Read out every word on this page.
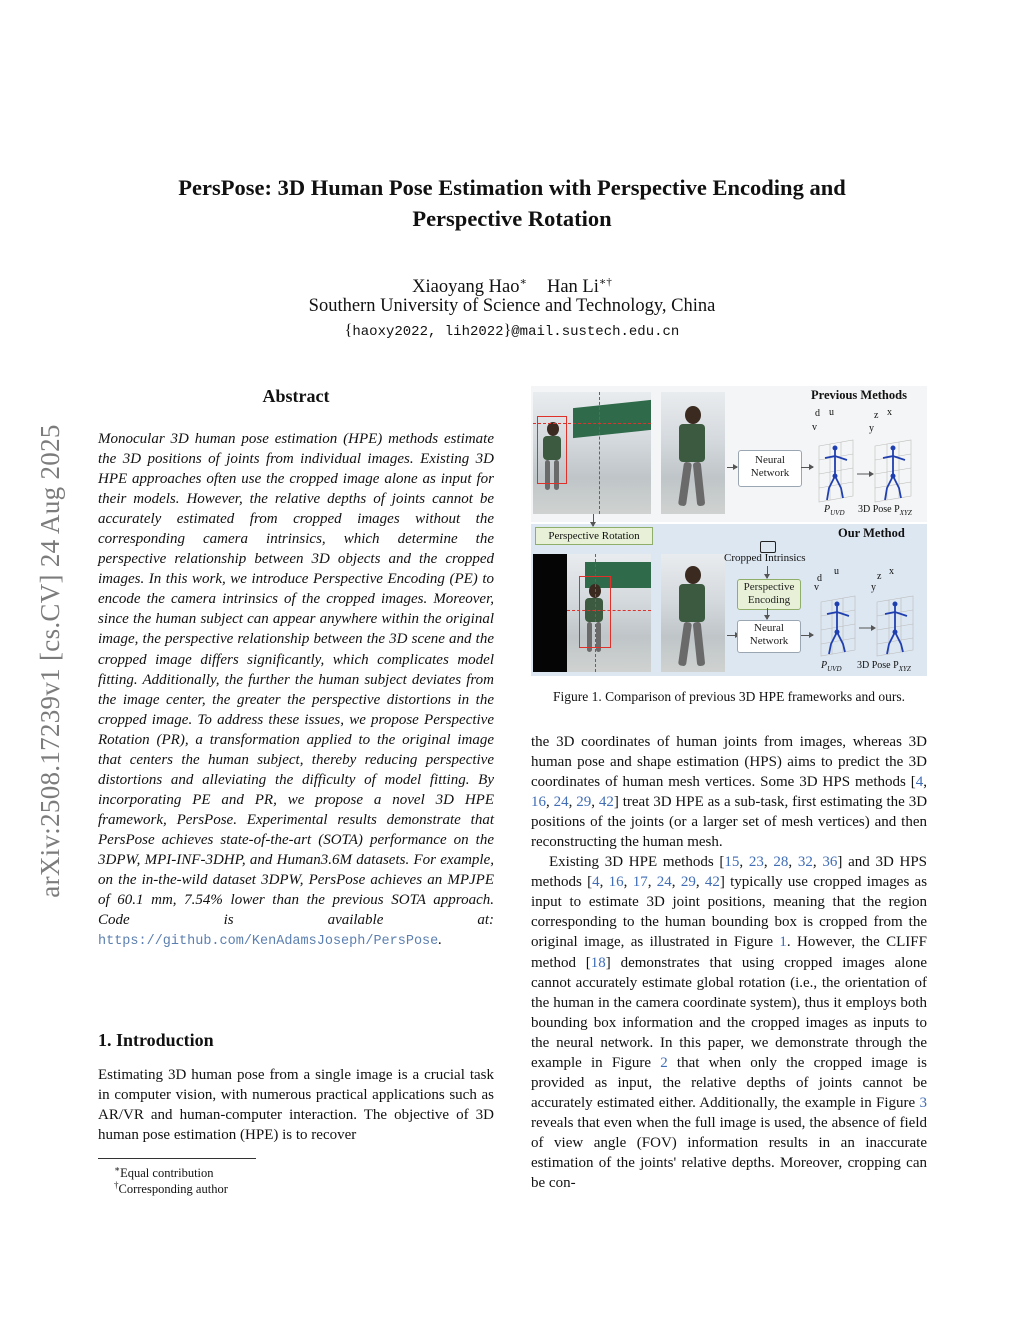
arXiv:2508.17239v1 [cs.CV] 24 Aug 2025
PersPose: 3D Human Pose Estimation with Perspective Encoding and
Perspective Rotation
Xiaoyang Hao∗ Han Li∗†
Southern University of Science and Technology, China
{haoxy2022, lih2022}@mail.sustech.edu.cn
Abstract
Monocular 3D human pose estimation (HPE) methods estimate the 3D positions of joints from individual images. Existing 3D HPE approaches often use the cropped image alone as input for their models. However, the relative depths of joints cannot be accurately estimated from cropped images without the corresponding camera intrinsics, which determine the perspective relationship between 3D objects and the cropped images. In this work, we introduce Perspective Encoding (PE) to encode the camera intrinsics of the cropped images. Moreover, since the human subject can appear anywhere within the original image, the perspective relationship between the 3D scene and the cropped image differs significantly, which complicates model fitting. Additionally, the further the human subject deviates from the image center, the greater the perspective distortions in the cropped image. To address these issues, we propose Perspective Rotation (PR), a transformation applied to the original image that centers the human subject, thereby reducing perspective distortions and alleviating the difficulty of model fitting. By incorporating PE and PR, we propose a novel 3D HPE framework, PersPose. Experimental results demonstrate that PersPose achieves state-of-the-art (SOTA) performance on the 3DPW, MPI-INF-3DHP, and Human3.6M datasets. For example, on the in-the-wild dataset 3DPW, PersPose achieves an MPJPE of 60.1 mm, 7.54% lower than the previous SOTA approach. Code is available at: https://github.com/KenAdamsJoseph/PersPose.
1. Introduction
Estimating 3D human pose from a single image is a crucial task in computer vision, with numerous practical applications such as AR/VR and human-computer interaction. The objective of 3D human pose estimation (HPE) is to recover
∗Equal contribution
†Corresponding author
Neural
Network
Previous Methods
d u
v
z x
y
$P_{UVD}$ 3D Pose $P_{XYZ}$
Perspective Rotation
Cropped Intrinsics
Perspective
Encoding
Neural
Network
Our Method
d
u
v
z x
y
$P_{UVD}$ 3D Pose $P_{XYZ}$
Figure 1. Comparison of previous 3D HPE frameworks and ours.

the 3D coordinates of human joints from images, whereas 3D human pose and shape estimation (HPS) aims to predict the 3D coordinates of human mesh vertices. Some 3D HPS methods [4, 16, 24, 29, 42] treat 3D HPE as a sub-task, first estimating the 3D positions of the joints (or a larger set of mesh vertices) and then reconstructing the human mesh.

Existing 3D HPE methods [15, 23, 28, 32, 36] and 3D HPS methods [4, 16, 17, 24, 29, 42] typically use cropped images as input to estimate 3D joint positions, meaning that the region corresponding to the human bounding box is cropped from the original image, as illustrated in Figure 1. However, the CLIFF method [18] demonstrates that using cropped images alone cannot accurately estimate global rotation (i.e., the orientation of the human in the camera coordinate system), thus it employs both bounding box information and the cropped images as inputs to the neural network. In this paper, we demonstrate through the example in Figure 2 that when only the cropped image is provided as input, the relative depths of joints cannot be accurately estimated either. Additionally, the example in Figure 3 reveals that even when the full image is used, the absence of field of view angle (FOV) information results in an inaccurate estimation of the joints' relative depths. Moreover, cropping can be con-
